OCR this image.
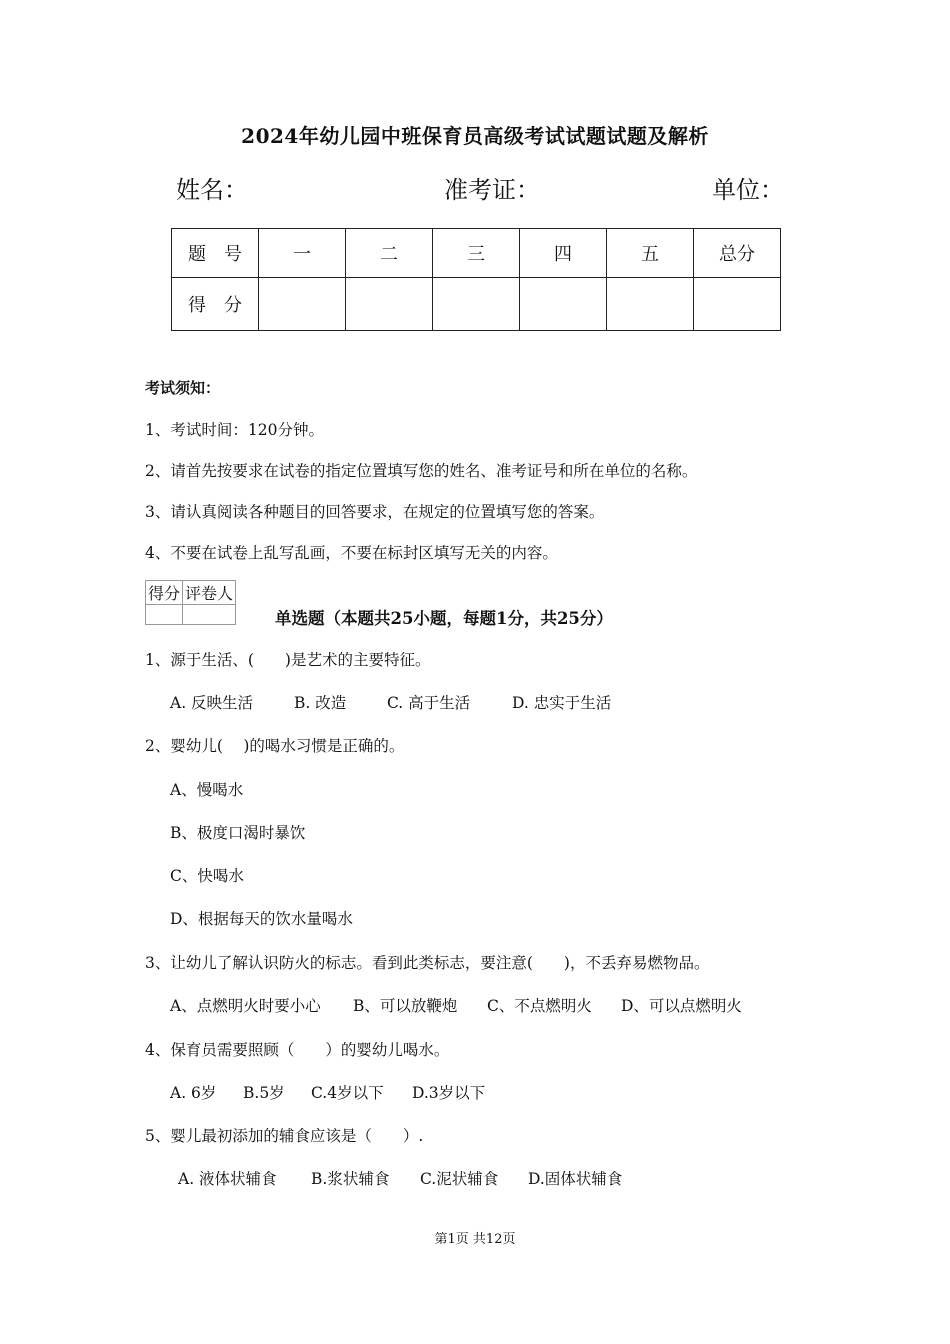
2024年幼儿园中班保育员高级考试试题试题及解析
姓名：	准考证：	单位：
题　号	一	二	三	四	五	总分
得　分						
考试须知：
1、考试时间：120分钟。
2、请首先按要求在试卷的指定位置填写您的姓名、准考证号和所在单位的名称。
3、请认真阅读各种题目的回答要求，在规定的位置填写您的答案。
4、不要在试卷上乱写乱画，不要在标封区填写无关的内容。
得分	评卷人

单选题（本题共25小题，每题1分，共25分）
1、源于生活、(　　)是艺术的主要特征。
A. 反映生活	B. 改造	C. 高于生活	D. 忠实于生活
2、婴幼儿(　 )的喝水习惯是正确的。
A、慢喝水
B、极度口渴时暴饮
C、快喝水
D、根据每天的饮水量喝水
3、让幼儿了解认识防火的标志。看到此类标志，要注意(　　)，不丢弃易燃物品。
A、点燃明火时要小心 B、可以放鞭炮 C、不点燃明火 D、可以点燃明火
4、保育员需要照顾（　　）的婴幼儿喝水。
A. 6岁 B.5岁 C.4岁以下 D.3岁以下
5、婴儿最初添加的辅食应该是（　　）.
A. 液体状辅食 B.浆状辅食 C.泥状辅食 D.固体状辅食
第1页 共12页
